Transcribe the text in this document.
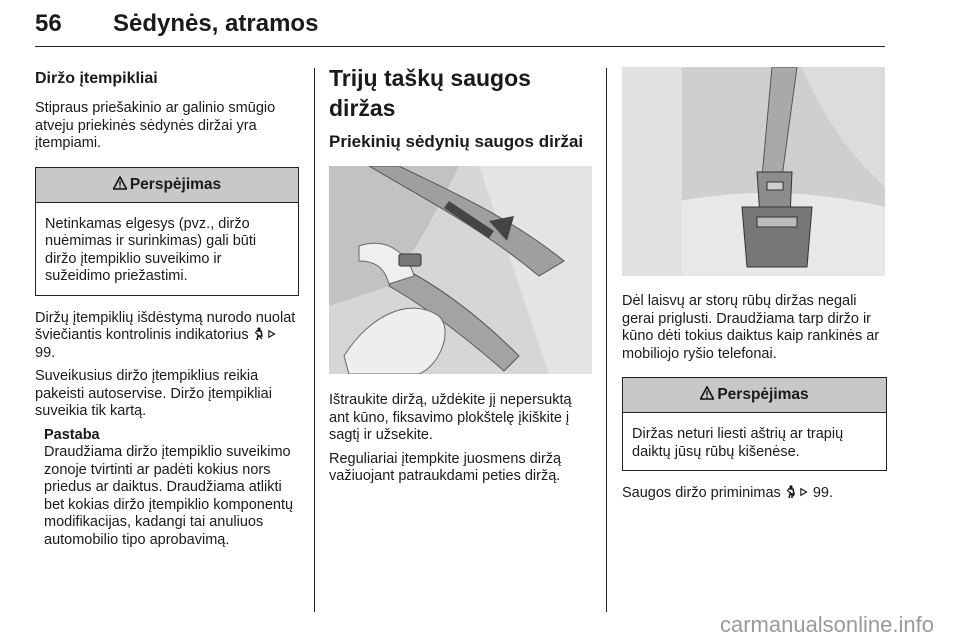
56 Sėdynės, atramos
Diržo įtempikliai

Stipraus priešakinio ar galinio smūgio atveju priekinės sėdynės diržai yra įtempiami.

Perspėjimas
Netinkamas elgesys (pvz., diržo nuėmimas ir surinkimas) gali būti diržo įtempiklio suveikimo ir sužeidimo priežastimi.

Diržų įtempiklių išdėstymą nurodo nuolat šviečiantis kontrolinis indikatorius   99.

Suveikusius diržo įtempiklius reikia pakeisti autoservise. Diržo įtempikliai suveikia tik kartą.

Pastaba

Draudžiama diržo įtempiklio suveikimo zonoje tvirtinti ar padėti kokius nors priedus ar daiktus. Draudžiama atlikti bet kokias diržo įtempiklio komponentų modifikacijas, kadangi tai anuliuos automobilio tipo aprobavimą.

Trijų taškų saugos diržas
Priekinių sėdynių saugos diržai

Ištraukite diržą, uždėkite jį nepersuktą ant kūno, fiksavimo plokštelę įkiškite į sagtį ir užsekite.

Reguliariai įtempkite juosmens diržą važiuojant patraukdami peties diržą.

Dėl laisvų ar storų rūbų diržas negali gerai priglusti. Draudžiama tarp diržo ir kūno dėti tokius daiktus kaip rankinės ar mobiliojo ryšio telefonai.

Perspėjimas
Diržas neturi liesti aštrių ar trapių daiktų jūsų rūbų kišenėse.

Saugos diržo priminimas 99.

carmanualsonline.info
